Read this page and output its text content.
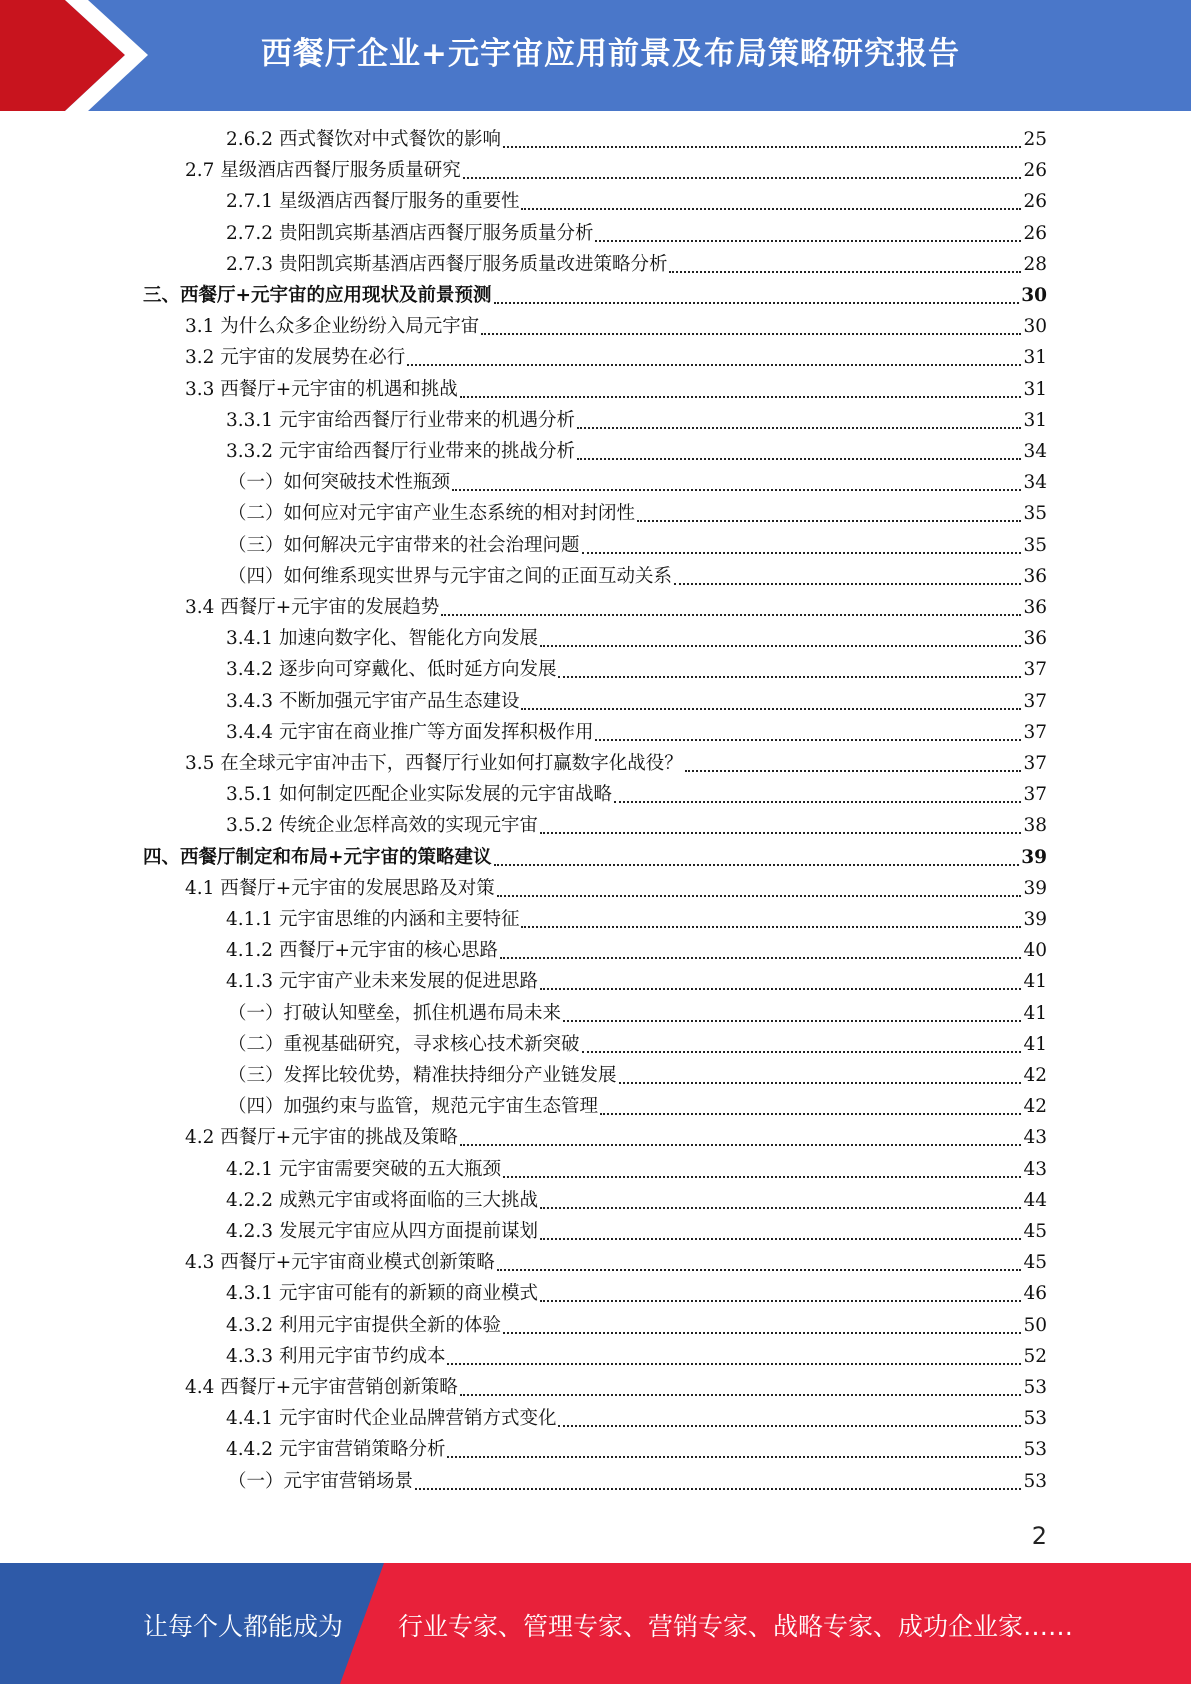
西餐厅企业+元宇宙应用前景及布局策略研究报告
2.6.2 西式餐饮对中式餐饮的影响	25
2.7 星级酒店西餐厅服务质量研究	26
2.7.1 星级酒店西餐厅服务的重要性	26
2.7.2 贵阳凯宾斯基酒店西餐厅服务质量分析	26
2.7.3 贵阳凯宾斯基酒店西餐厅服务质量改进策略分析	28
三、西餐厅+元宇宙的应用现状及前景预测	30
3.1 为什么众多企业纷纷入局元宇宙	30
3.2 元宇宙的发展势在必行	31
3.3 西餐厅+元宇宙的机遇和挑战	31
3.3.1 元宇宙给西餐厅行业带来的机遇分析	31
3.3.2 元宇宙给西餐厅行业带来的挑战分析	34
（一）如何突破技术性瓶颈	34
（二）如何应对元宇宙产业生态系统的相对封闭性	35
（三）如何解决元宇宙带来的社会治理问题	35
（四）如何维系现实世界与元宇宙之间的正面互动关系	36
3.4 西餐厅+元宇宙的发展趋势	36
3.4.1 加速向数字化、智能化方向发展	36
3.4.2 逐步向可穿戴化、低时延方向发展	37
3.4.3 不断加强元宇宙产品生态建设	37
3.4.4 元宇宙在商业推广等方面发挥积极作用	37
3.5 在全球元宇宙冲击下，西餐厅行业如何打赢数字化战役？	37
3.5.1 如何制定匹配企业实际发展的元宇宙战略	37
3.5.2 传统企业怎样高效的实现元宇宙	38
四、西餐厅制定和布局+元宇宙的策略建议	39
4.1 西餐厅+元宇宙的发展思路及对策	39
4.1.1 元宇宙思维的内涵和主要特征	39
4.1.2 西餐厅+元宇宙的核心思路	40
4.1.3 元宇宙产业未来发展的促进思路	41
（一）打破认知壁垒，抓住机遇布局未来	41
（二）重视基础研究，寻求核心技术新突破	41
（三）发挥比较优势，精准扶持细分产业链发展	42
（四）加强约束与监管，规范元宇宙生态管理	42
4.2 西餐厅+元宇宙的挑战及策略	43
4.2.1 元宇宙需要突破的五大瓶颈	43
4.2.2 成熟元宇宙或将面临的三大挑战	44
4.2.3 发展元宇宙应从四方面提前谋划	45
4.3 西餐厅+元宇宙商业模式创新策略	45
4.3.1 元宇宙可能有的新颖的商业模式	46
4.3.2 利用元宇宙提供全新的体验	50
4.3.3 利用元宇宙节约成本	52
4.4 西餐厅+元宇宙营销创新策略	53
4.4.1 元宇宙时代企业品牌营销方式变化	53
4.4.2 元宇宙营销策略分析	53
（一）元宇宙营销场景	53
2
让每个人都能成为 行业专家、管理专家、营销专家、战略专家、成功企业家……
